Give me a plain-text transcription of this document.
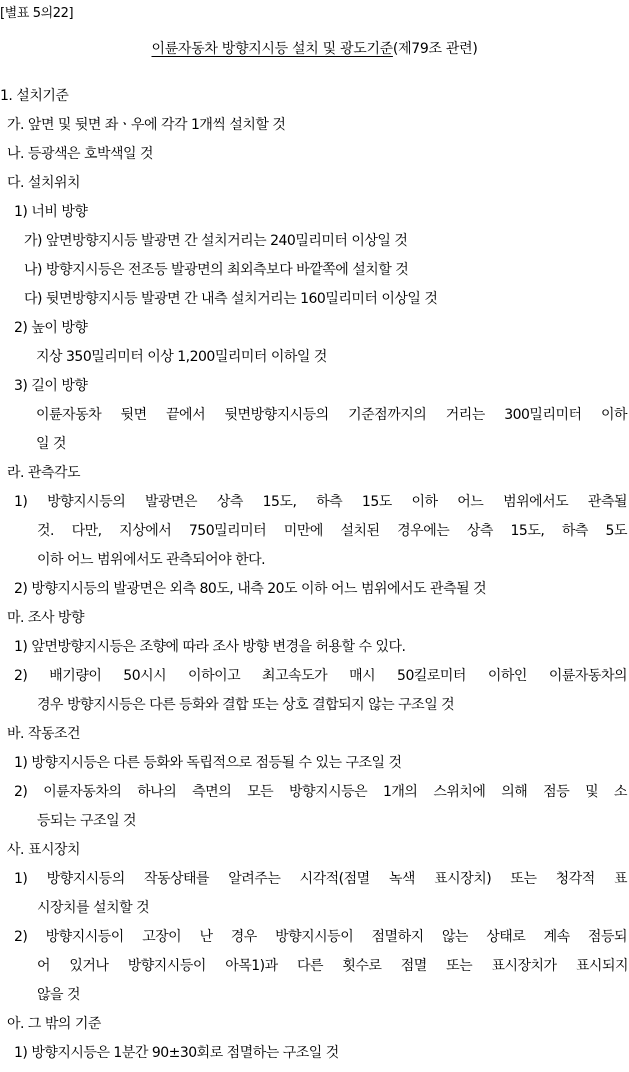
[별표 5의22]
이륜자동차 방향지시등 설치 및 광도기준(제79조 관련)
1. 설치기준
가. 앞면 및 뒷면 좌ㆍ우에 각각 1개씩 설치할 것
나. 등광색은 호박색일 것
다. 설치위치
1) 너비 방향
가) 앞면방향지시등 발광면 간 설치거리는 240밀리미터 이상일 것
나) 방향지시등은 전조등 발광면의 최외측보다 바깥쪽에 설치할 것
다) 뒷면방향지시등 발광면 간 내측 설치거리는 160밀리미터 이상일 것
2) 높이 방향
지상 350밀리미터 이상 1,200밀리미터 이하일 것
3) 길이 방향
이륜자동차 뒷면 끝에서 뒷면방향지시등의 기준점까지의 거리는 300밀리미터 이하
일 것
라. 관측각도
1) 방향지시등의 발광면은 상측 15도, 하측 15도 이하 어느 범위에서도 관측될
것. 다만, 지상에서 750밀리미터 미만에 설치된 경우에는 상측 15도, 하측 5도
이하 어느 범위에서도 관측되어야 한다.
2) 방향지시등의 발광면은 외측 80도, 내측 20도 이하 어느 범위에서도 관측될 것
마. 조사 방향
1) 앞면방향지시등은 조향에 따라 조사 방향 변경을 허용할 수 있다.
2) 배기량이 50시시 이하이고 최고속도가 매시 50킬로미터 이하인 이륜자동차의
경우 방향지시등은 다른 등화와 결합 또는 상호 결합되지 않는 구조일 것
바. 작동조건
1) 방향지시등은 다른 등화와 독립적으로 점등될 수 있는 구조일 것
2) 이륜자동차의 하나의 측면의 모든 방향지시등은 1개의 스위치에 의해 점등 및 소
등되는 구조일 것
사. 표시장치
1) 방향지시등의 작동상태를 알려주는 시각적(점멸 녹색 표시장치) 또는 청각적 표
시장치를 설치할 것
2) 방향지시등이 고장이 난 경우 방향지시등이 점멸하지 않는 상태로 계속 점등되
어 있거나 방향지시등이 아목1)과 다른 횟수로 점멸 또는 표시장치가 표시되지
않을 것
아. 그 밖의 기준
1) 방향지시등은 1분간 90±30회로 점멸하는 구조일 것
